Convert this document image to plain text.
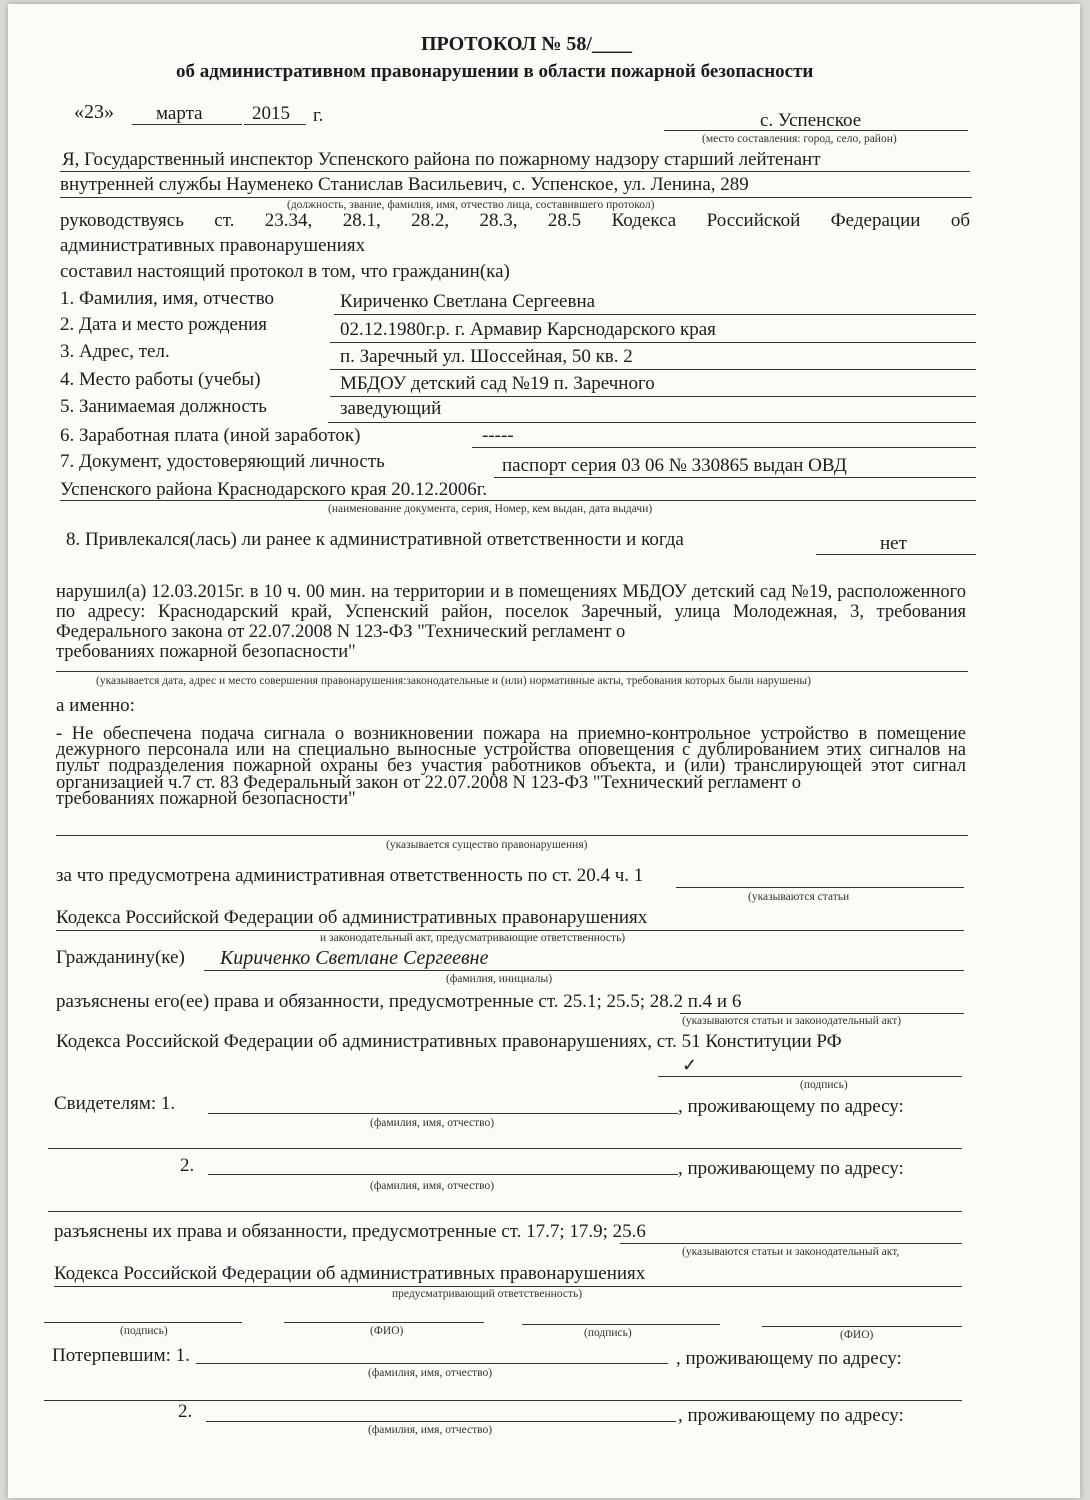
ПРОТОКОЛ № 58/____
об административном правонарушении в области пожарной безопасности
«23» марта	2015 г.	с. Успенское
(место составления: город, село, район)
Я, Государственный инспектор Успенского района по пожарному надзору старший лейтенант
внутренней службы Науменеко Станислав Васильевич, с. Успенское, ул. Ленина, 289
(должность, звание, фамилия, имя, отчество лица, составившего протокол)
руководствуясь ст. 23.34, 28.1, 28.2, 28.3, 28.5 Кодекса Российской Федерации об
административных правонарушениях
составил настоящий протокол в том, что гражданин(ка)
1. Фамилия, имя, отчество	Кириченко Светлана Сергеевна
2. Дата и место рождения	02.12.1980г.р. г. Армавир Карснодарского края
3. Адрес, тел.	п. Заречный ул. Шоссейная, 50 кв. 2
4. Место работы (учебы)	МБДОУ детский сад №19 п. Заречного
5. Занимаемая должность	заведующий
6. Заработная плата (иной заработок)	-----
7. Документ, удостоверяющий личность	паспорт серия 03 06 № 330865 выдан ОВД
Успенского района Краснодарского края 20.12.2006г.
(наименование документа, серия, Номер, кем выдан, дата выдачи)
8. Привлекался(лась) ли ранее к административной ответственности и когда	нет
нарушил(а) 12.03.2015г. в 10 ч. 00 мин. на территории и в помещениях МБДОУ детский сад №19, расположенного по адресу: Краснодарский край, Успенский район, поселок Заречный, улица Молодежная, 3, требования Федерального закона от 22.07.2008 N 123-ФЗ "Технический регламент о
требованиях пожарной безопасности"
(указывается дата, адрес и место совершения правонарушения:законодательные и (или) нормативные акты, требования которых были нарушены)
а именно:
- Не обеспечена подача сигнала о возникновении пожара на приемно-контрольное устройство в помещение дежурного персонала или на специально выносные устройства оповещения с дублированием этих сигналов на пульт подразделения пожарной охраны без участия работников объекта, и (или) транслирующей этот сигнал организацией ч.7 ст. 83 Федеральный закон от 22.07.2008 N 123-ФЗ "Технический регламент о
требованиях пожарной безопасности"
(указывается существо правонарушения)
за что предусмотрена административная ответственность по ст. 20.4 ч. 1
(указываются статьи
Кодекса Российской Федерации об административных правонарушениях
и законодательный акт, предусматривающие ответственность)
Гражданину(ке) Кириченко Светлане Сергеевне
(фамилия, инициалы)
разъяснены его(ее) права и обязанности, предусмотренные ст. 25.1; 25.5; 28.2 п.4 и 6
(указываются статьи и законодательный акт)
Кодекса Российской Федерации об административных правонарушениях, ст. 51 Конституции РФ
✓
(подпись)
Свидетелям: 1.	, проживающему по адресу:
(фамилия, имя, отчество)
2.	, проживающему по адресу:
(фамилия, имя, отчество)
разъяснены их права и обязанности, предусмотренные ст. 17.7; 17.9; 25.6
(указываются статьи и законодательный акт,
Кодекса Российской Федерации об административных правонарушениях
предусматривающий ответственность)
(подпись)	(ФИО)	(подпись)	(ФИО)
Потерпевшим: 1.	, проживающему по адресу:
(фамилия, имя, отчество)
2.	, проживающему по адресу:
(фамилия, имя, отчество)
